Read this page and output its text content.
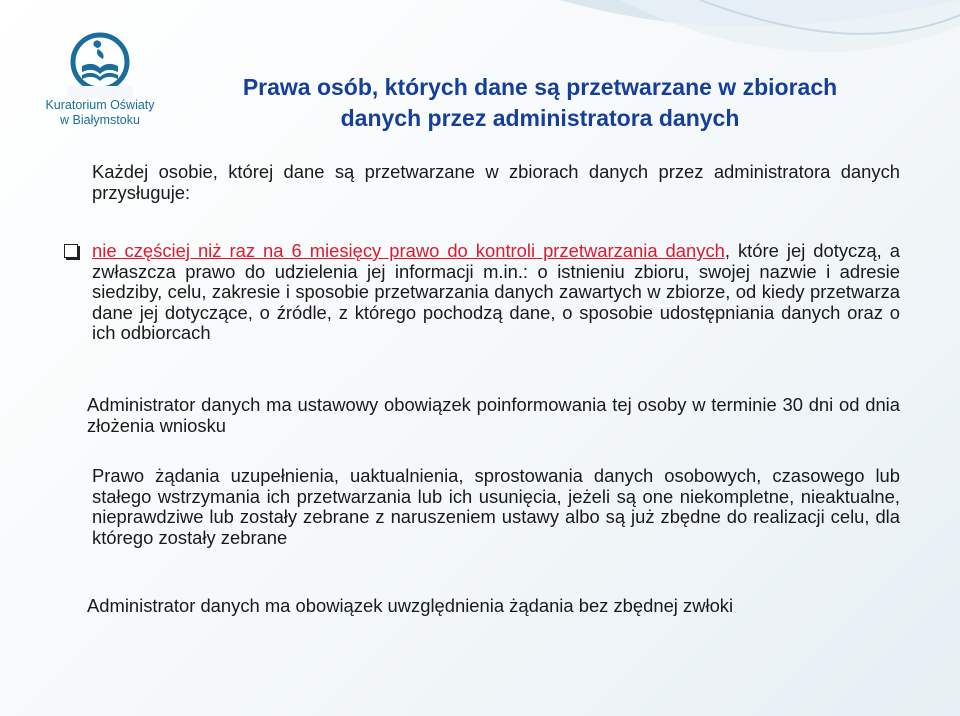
Kuratorium Oświaty
w Białymstoku
Prawa osób, których dane są przetwarzane w zbiorach
danych przez administratora danych
Każdej osobie, której dane są przetwarzane w zbiorach danych przez administratora danych przysługuje:
nie częściej niż raz na 6 miesięcy prawo do kontroli przetwarzania danych, które jej dotyczą, a zwłaszcza prawo do udzielenia jej informacji m.in.: o istnieniu zbioru, swojej nazwie i adresie siedziby, celu, zakresie i sposobie przetwarzania danych zawartych w zbiorze, od kiedy przetwarza dane jej dotyczące, o źródle, z którego pochodzą dane, o sposobie udostępniania danych oraz o ich odbiorcach
Administrator danych ma ustawowy obowiązek poinformowania tej osoby w terminie 30 dni od dnia złożenia wniosku
Prawo żądania uzupełnienia, uaktualnienia, sprostowania danych osobowych, czasowego lub stałego wstrzymania ich przetwarzania lub ich usunięcia, jeżeli są one niekompletne, nieaktualne, nieprawdziwe lub zostały zebrane z naruszeniem ustawy albo są już zbędne do realizacji celu, dla którego zostały zebrane
Administrator danych ma obowiązek uwzględnienia żądania bez zbędnej zwłoki
